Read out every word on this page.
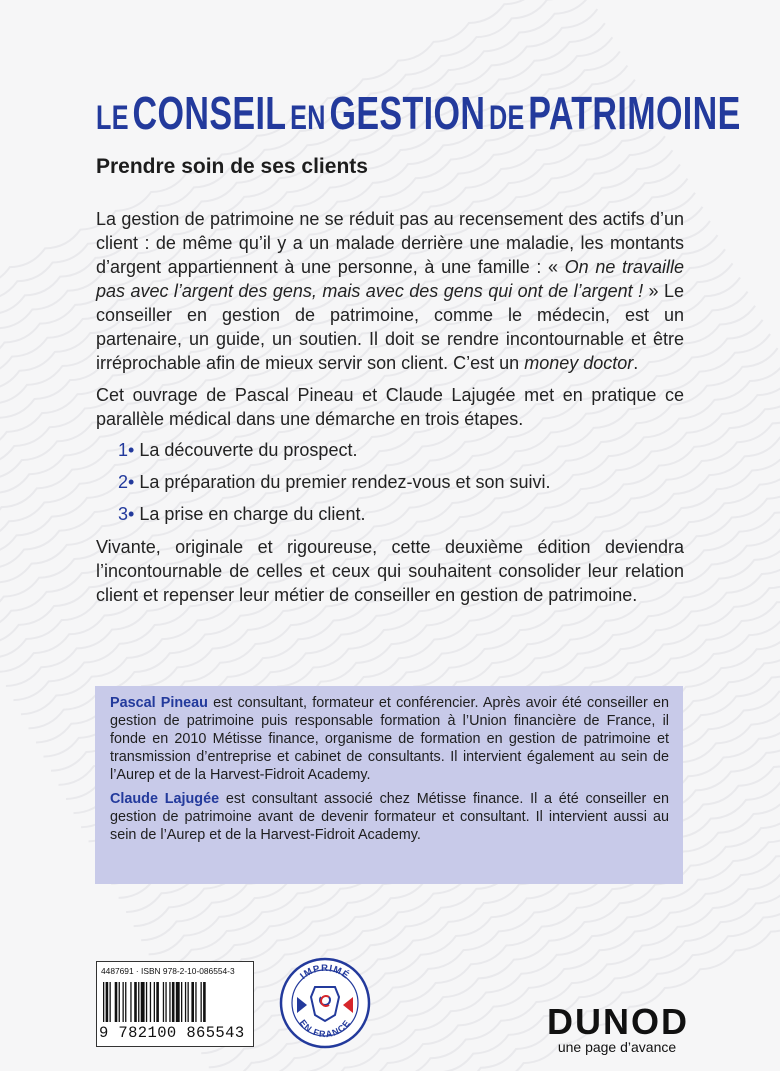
LE CONSEIL EN GESTION DE PATRIMOINE
Prendre soin de ses clients

La gestion de patrimoine ne se réduit pas au recensement des actifs d’un client : de même qu’il y a un malade derrière une maladie, les montants d’argent appartiennent à une personne, à une famille : « On ne travaille pas avec l’argent des gens, mais avec des gens qui ont de l’argent ! » Le conseiller en gestion de patrimoine, comme le médecin, est un partenaire, un guide, un soutien. Il doit se rendre incontournable et être irréprochable afin de mieux servir son client. C’est un money doctor.

Cet ouvrage de Pascal Pineau et Claude Lajugée met en pratique ce parallèle médical dans une démarche en trois étapes.

1• La découverte du prospect.
2• La préparation du premier rendez-vous et son suivi.
3• La prise en charge du client.

Vivante, originale et rigoureuse, cette deuxième édition deviendra l’incontournable de celles et ceux qui souhaitent consolider leur relation client et repenser leur métier de conseiller en gestion de patrimoine.

Pascal Pineau est consultant, formateur et conférencier. Après avoir été conseiller en gestion de patrimoine puis responsable formation à l’Union financière de France, il fonde en 2010 Métisse finance, organisme de formation en gestion de patrimoine et transmission d’entreprise et cabinet de consultants. Il intervient également au sein de l’Aurep et de la Harvest-Fidroit Academy.

Claude Lajugée est consultant associé chez Métisse finance. Il a été conseiller en gestion de patrimoine avant de devenir formateur et consultant. Il intervient aussi au sein de l’Aurep et de la Harvest-Fidroit Academy.

4487691 · ISBN 978-2-10-086554-3
9 782100 865543
IMPRIMÉ
EN FRANCE	DUNOD
une page d’avance
